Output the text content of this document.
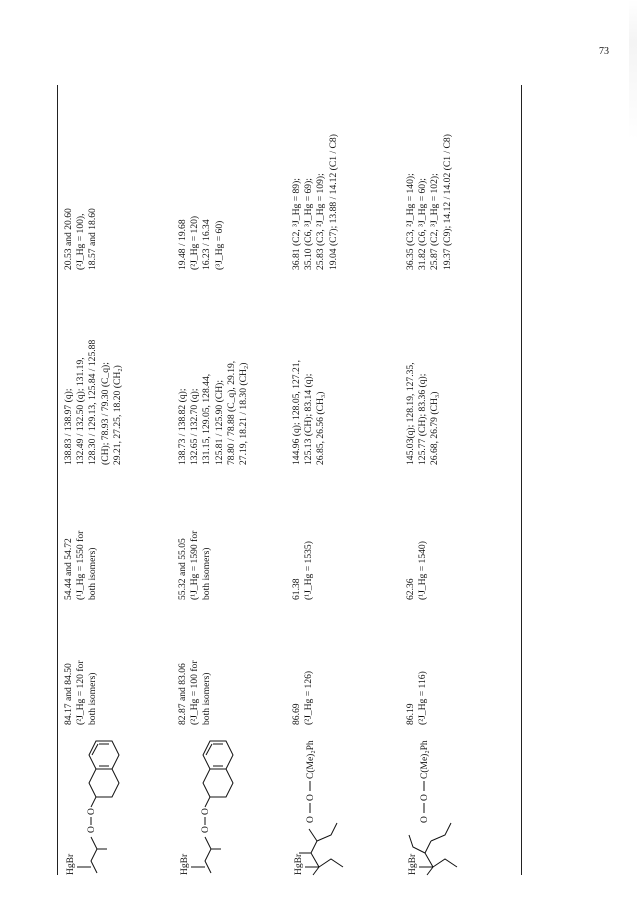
73
HgBr
O
O
84.17 and 84.50 (²J_Hg = 120 for both isomers)
54.44 and 54.72 (¹J_Hg = 1550 for both isomers)
138.83 / 138.97 (q); 132.49 / 132.50 (q); 131.19, 128.30 / 129.13, 125.84 / 125.88 (CH); 78.93 / 79.30 (C_q); 29.21, 27.25, 18.20 (CH₂)
20.53 and 20.60 (²J_Hg = 100), 18.57 and 18.60
HgBr
O
O
82.87 and 83.06 (²J_Hg = 100 for both isomers)
55.32 and 55.05 (¹J_Hg = 1590 for both isomers)
138.73 / 138.82 (q); 132.65 / 132.70 (q); 131.15, 129.05, 128.44, 125.81 / 125.90 (CH); 78.80 / 78.88 (C_q), 29.19, 27.19, 18.21 / 18.30 (CH₂)
19.48 / 19.68 (²J_Hg = 120) 16.23 / 16.34 (³J_Hg = 60)
HgBr
O
O
C(Me)₂Ph
86.69 (²J_Hg = 126)
61.38 (¹J_Hg = 1535)
144.96 (q); 128.05, 127.21, 125.13 (CH); 83.14 (q); 26.85, 26.56 (CH₃)
36.81 (C2, ³J_Hg = 89); 35.10 (C6, ³J_Hg = 69); 25.83 (C3, ²J_Hg = 109); 19.04 (C7); 13.88 / 14.12 (C1 / C8)
HgBr
O
O
C(Me)₂Ph
86.19 (²J_Hg = 116)
62.36 (¹J_Hg = 1540)
145.03(q); 128.19, 127.35, 125.77 (CH); 83.36 (q); 26.68, 26.79 (CH₃)
36.35 (C3, ²J_Hg = 140); 31.82 (C6, ³J_Hg = 60); 25.87 (C2, ³J_Hg = 102); 19.37 (C9); 14.12 / 14.02 (C1 / C8)
